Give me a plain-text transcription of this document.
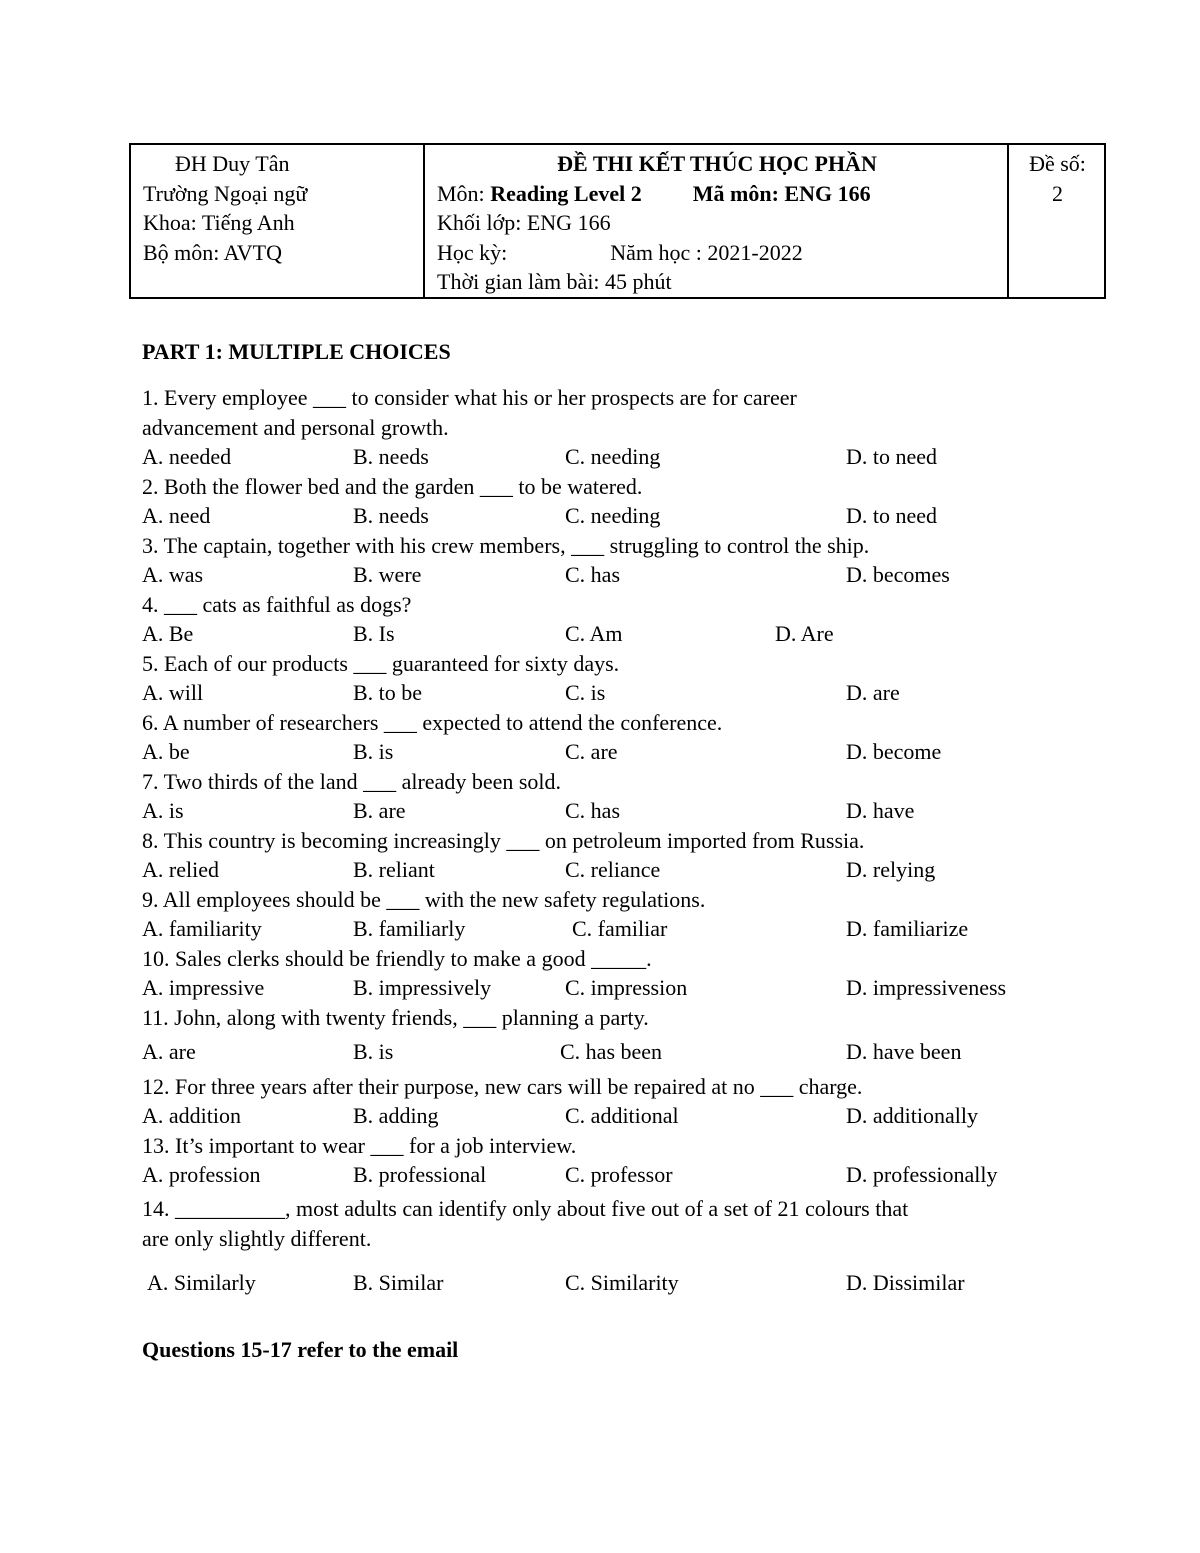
ĐH Duy Tân
Trường Ngoại ngữ
Khoa: Tiếng Anh
Bộ môn: AVTQ

ĐỀ THI KẾT THÚC HỌC PHẦN
Môn: Reading Level 2 Mã môn: ENG 166
Khối lớp: ENG 166
Học kỳ:	Năm học : 2021-2022
Thời gian làm bài: 45 phút

Đề số:
2
PART 1: MULTIPLE CHOICES
1. Every employee ___ to consider what his or her prospects are for career
advancement and personal growth.
A. needed	B. needs	C. needing	D. to need
2. Both the flower bed and the garden ___ to be watered.
A. need	B. needs	C. needing	D. to need
3. The captain, together with his crew members, ___ struggling to control the ship.
A. was	B. were	C. has	D. becomes
4. ___ cats as faithful as dogs?
A. Be	B. Is	C. Am	D. Are
5. Each of our products ___ guaranteed for sixty days.
A. will	B. to be	C. is	D. are
6. A number of researchers ___ expected to attend the conference.
A. be	B. is	C. are	D. become
7. Two thirds of the land ___ already been sold.
A. is	B. are	C. has	D. have
8. This country is becoming increasingly ___ on petroleum imported from Russia.
A. relied	B. reliant	C. reliance	D. relying
9. All employees should be ___ with the new safety regulations.
A. familiarity	B. familiarly	C. familiar	D. familiarize
10. Sales clerks should be friendly to make a good _____.
A. impressive	B. impressively	C. impression	D. impressiveness
11. John, along with twenty friends, ___ planning a party.
A. are	B. is	C. has been	D. have been
12. For three years after their purpose, new cars will be repaired at no ___ charge.
A. addition	B. adding	C. additional	D. additionally
13. It’s important to wear ___ for a job interview.
A. profession	B. professional	C. professor	D. professionally
14. __________, most adults can identify only about five out of a set of 21 colours that
are only slightly different.
A. Similarly	B. Similar	C. Similarity	D. Dissimilar
Questions 15-17 refer to the email
